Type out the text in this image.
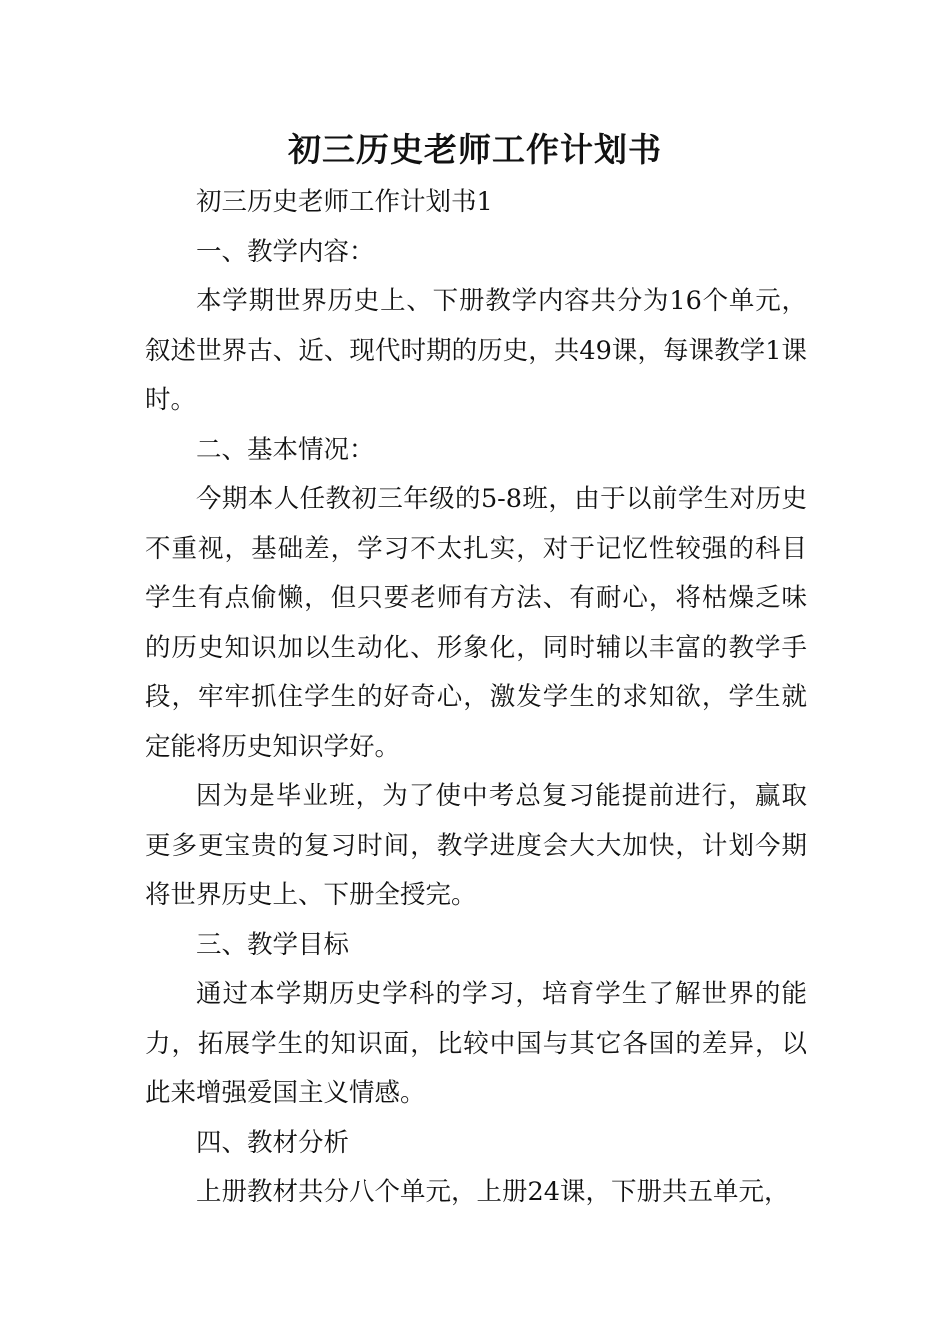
初三历史老师工作计划书

初三历史老师工作计划书1

一、教学内容：

本学期世界历史上、下册教学内容共分为16个单元，叙述世界古、近、现代时期的历史，共49课，每课教学1课时。

二、基本情况：

今期本人任教初三年级的5-8班，由于以前学生对历史不重视，基础差，学习不太扎实，对于记忆性较强的科目学生有点偷懒，但只要老师有方法、有耐心，将枯燥乏味的历史知识加以生动化、形象化，同时辅以丰富的教学手段，牢牢抓住学生的好奇心，激发学生的求知欲，学生就定能将历史知识学好。

因为是毕业班，为了使中考总复习能提前进行，赢取更多更宝贵的复习时间，教学进度会大大加快，计划今期将世界历史上、下册全授完。

三、教学目标

通过本学期历史学科的学习，培育学生了解世界的能力，拓展学生的知识面，比较中国与其它各国的差异，以此来增强爱国主义情感。

四、教材分析

上册教材共分八个单元，上册24课，下册共五单元，
